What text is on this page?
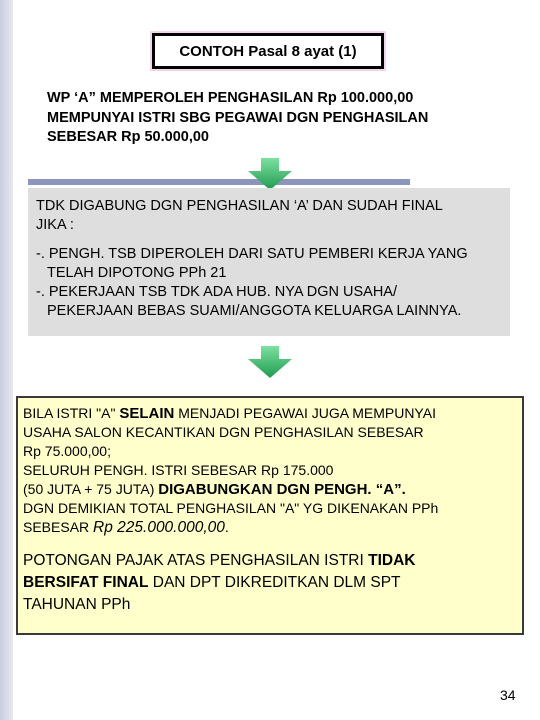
CONTOH Pasal 8 ayat (1)
WP ‘A” MEMPEROLEH PENGHASILAN Rp 100.000,00
MEMPUNYAI ISTRI SBG PEGAWAI DGN PENGHASILAN
SEBESAR Rp 50.000,00
TDK DIGABUNG DGN PENGHASILAN ‘A’ DAN SUDAH FINAL
JIKA :
-. PENGH. TSB DIPEROLEH DARI SATU PEMBERI KERJA YANG
TELAH DIPOTONG PPh 21
-. PEKERJAAN TSB TDK ADA HUB. NYA DGN USAHA/
PEKERJAAN BEBAS SUAMI/ANGGOTA KELUARGA LAINNYA.
BILA ISTRI "A" SELAIN MENJADI PEGAWAI JUGA MEMPUNYAI
USAHA SALON KECANTIKAN DGN PENGHASILAN SEBESAR
Rp 75.000,00;
SELURUH PENGH. ISTRI SEBESAR Rp 175.000
(50 JUTA + 75 JUTA) DIGABUNGKAN DGN PENGH. “A”.
DGN DEMIKIAN TOTAL PENGHASILAN "A" YG DIKENAKAN PPh
SEBESAR Rp 225.000.000,00.
POTONGAN PAJAK ATAS PENGHASILAN ISTRI TIDAK
BERSIFAT FINAL DAN DPT DIKREDITKAN DLM SPT
TAHUNAN PPh
34
